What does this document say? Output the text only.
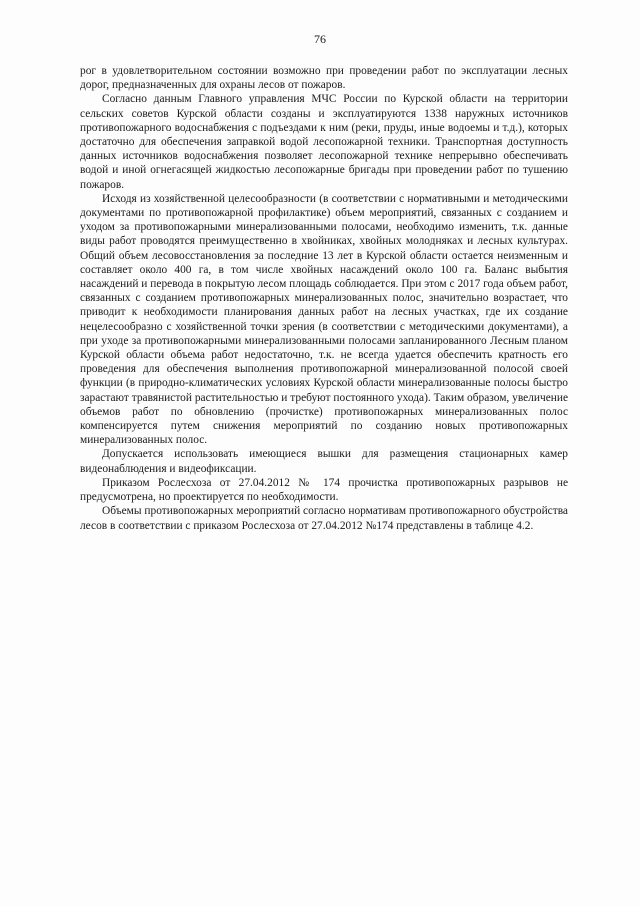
76

рог в удовлетворительном состоянии возможно при проведении работ по эксплуатации лесных дорог, предназначенных для охраны лесов от пожаров.

Согласно данным Главного управления МЧС России по Курской области на территории сельских советов Курской области созданы и эксплуатируются 1338 наружных источников противопожарного водоснабжения с подъездами к ним (реки, пруды, иные водоемы и т.д.), которых достаточно для обеспечения заправкой водой лесопожарной техники. Транспортная доступность данных источников водоснабжения позволяет лесопожарной технике непрерывно обеспечивать водой и иной огнегасящей жидкостью лесопожарные бригады при проведении работ по тушению пожаров.

Исходя из хозяйственной целесообразности (в соответствии с нормативными и методическими документами по противопожарной профилактике) объем мероприятий, связанных с созданием и уходом за противопожарными минерализованными полосами, необходимо изменить, т.к. данные виды работ проводятся преимущественно в хвойниках, хвойных молодняках и лесных культурах. Общий объем лесовосстановления за последние 13 лет в Курской области остается неизменным и составляет около 400 га, в том числе хвойных насаждений около 100 га. Баланс выбытия насаждений и перевода в покрытую лесом площадь соблюдается. При этом с 2017 года объем работ, связанных с созданием противопожарных минерализованных полос, значительно возрастает, что приводит к необходимости планирования данных работ на лесных участках, где их создание нецелесообразно с хозяйственной точки зрения (в соответствии с методическими документами), а при уходе за противопожарными минерализованными полосами запланированного Лесным планом Курской области объема работ недостаточно, т.к. не всегда удается обеспечить кратность его проведения для обеспечения выполнения противопожарной минерализованной полосой своей функции (в природно-климатических условиях Курской области минерализованные полосы быстро зарастают травянистой растительностью и требуют постоянного ухода). Таким образом, увеличение объемов работ по обновлению (прочистке) противопожарных минерализованных полос компенсируется путем снижения мероприятий по созданию новых противопожарных минерализованных полос.

Допускается использовать имеющиеся вышки для размещения стационарных камер видеонаблюдения и видеофиксации.

Приказом Рослесхоза от 27.04.2012 № 174 прочистка противопожарных разрывов не предусмотрена, но проектируется по необходимости.

Объемы противопожарных мероприятий согласно нормативам противопожарного обустройства лесов в соответствии с приказом Рослесхоза от 27.04.2012 №174 представлены в таблице 4.2.
